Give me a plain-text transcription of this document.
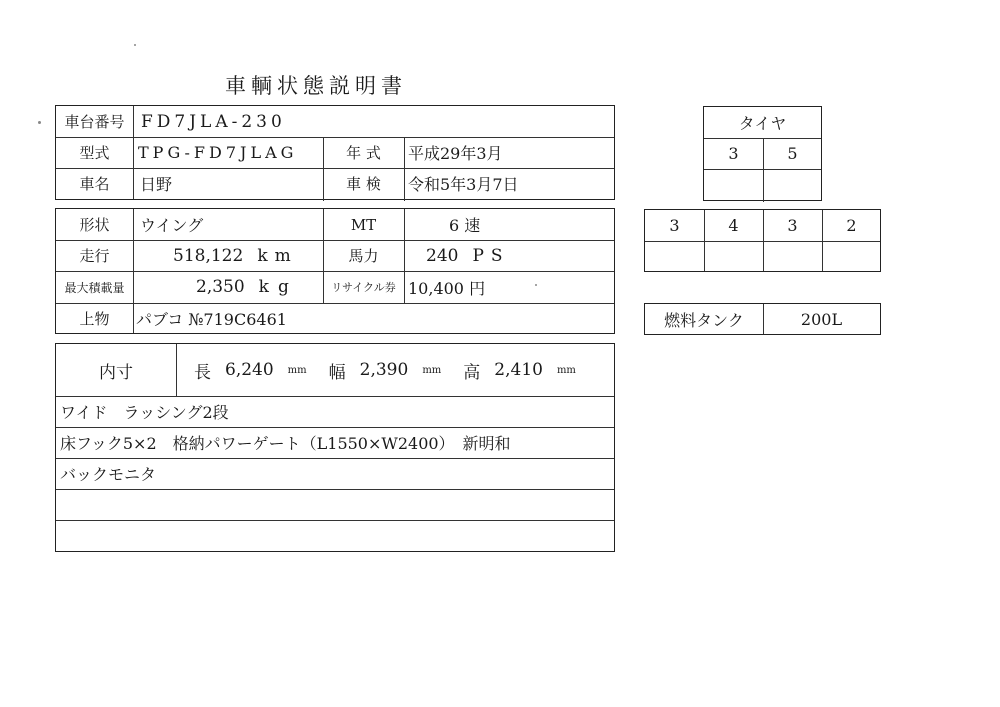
車輌状態説明書
車台番号 FD7JLA-230
型式	TPG-FD7JLAG	年 式	平成29年3月
車名	日野	車 検	令和5年3月7日
形状	ウイング	MT	6 速
走行	518,122 km	馬力	240 PS
最大積載量	2,350 kg	リサイクル券 10,400 円
上物	パブコ №719C6461
内寸	長 6,240 mm 幅 2,390 mm 高 2,410 mm
ワイド　ラッシング2段
床フック5×2　格納パワーゲート（L1550×W2400）　新明和
バックモニタ
タイヤ
3	5
3	4	3	2
燃料タンク	200L
